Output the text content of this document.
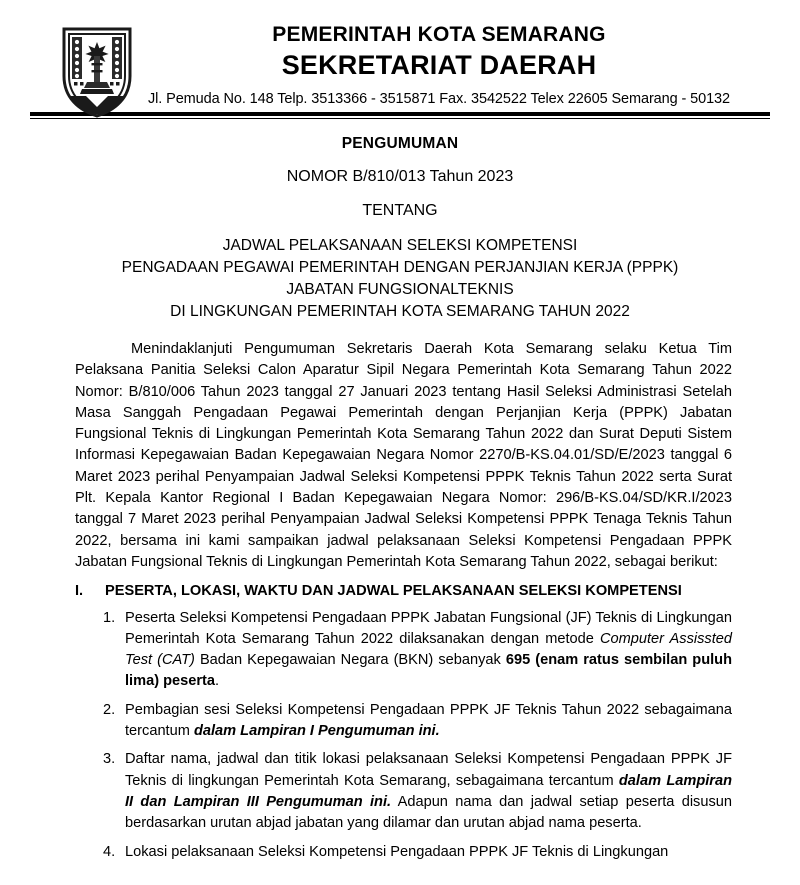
PEMERINTAH KOTA SEMARANG
SEKRETARIAT DAERAH
Jl. Pemuda No. 148 Telp. 3513366 - 3515871 Fax. 3542522 Telex 22605 Semarang - 50132
PENGUMUMAN
NOMOR B/810/013 Tahun 2023
TENTANG
JADWAL PELAKSANAAN SELEKSI KOMPETENSI
PENGADAAN PEGAWAI PEMERINTAH DENGAN PERJANJIAN KERJA (PPPK)
JABATAN FUNGSIONALTEKNIS
DI LINGKUNGAN PEMERINTAH KOTA SEMARANG TAHUN 2022

Menindaklanjuti Pengumuman Sekretaris Daerah Kota Semarang selaku Ketua Tim Pelaksana Panitia Seleksi Calon Aparatur Sipil Negara Pemerintah Kota Semarang Tahun 2022 Nomor: B/810/006 Tahun 2023 tanggal 27 Januari 2023 tentang Hasil Seleksi Administrasi Setelah Masa Sanggah Pengadaan Pegawai Pemerintah dengan Perjanjian Kerja (PPPK) Jabatan Fungsional Teknis di Lingkungan Pemerintah Kota Semarang Tahun 2022 dan Surat Deputi Sistem Informasi Kepegawaian Badan Kepegawaian Negara Nomor 2270/B-KS.04.01/SD/E/2023 tanggal 6 Maret 2023 perihal Penyampaian Jadwal Seleksi Kompetensi PPPK Teknis Tahun 2022 serta Surat Plt. Kepala Kantor Regional I Badan Kepegawaian Negara Nomor: 296/B-KS.04/SD/KR.I/2023 tanggal 7 Maret 2023 perihal Penyampaian Jadwal Seleksi Kompetensi PPPK Tenaga Teknis Tahun 2022, bersama ini kami sampaikan jadwal pelaksanaan Seleksi Kompetensi Pengadaan PPPK Jabatan Fungsional Teknis di Lingkungan Pemerintah Kota Semarang Tahun 2022, sebagai berikut:

I.	PESERTA, LOKASI, WAKTU DAN JADWAL PELAKSANAAN SELEKSI KOMPETENSI
1. Peserta Seleksi Kompetensi Pengadaan PPPK Jabatan Fungsional (JF) Teknis di Lingkungan Pemerintah Kota Semarang Tahun 2022 dilaksanakan dengan metode Computer Assissted Test (CAT) Badan Kepegawaian Negara (BKN) sebanyak 695 (enam ratus sembilan puluh lima) peserta.
2. Pembagian sesi Seleksi Kompetensi Pengadaan PPPK JF Teknis Tahun 2022 sebagaimana tercantum dalam Lampiran I Pengumuman ini.
3. Daftar nama, jadwal dan titik lokasi pelaksanaan Seleksi Kompetensi Pengadaan PPPK JF Teknis di lingkungan Pemerintah Kota Semarang, sebagaimana tercantum dalam Lampiran II dan Lampiran III Pengumuman ini. Adapun nama dan jadwal setiap peserta disusun berdasarkan urutan abjad jabatan yang dilamar dan urutan abjad nama peserta.
4. Lokasi pelaksanaan Seleksi Kompetensi Pengadaan PPPK JF Teknis di Lingkungan
